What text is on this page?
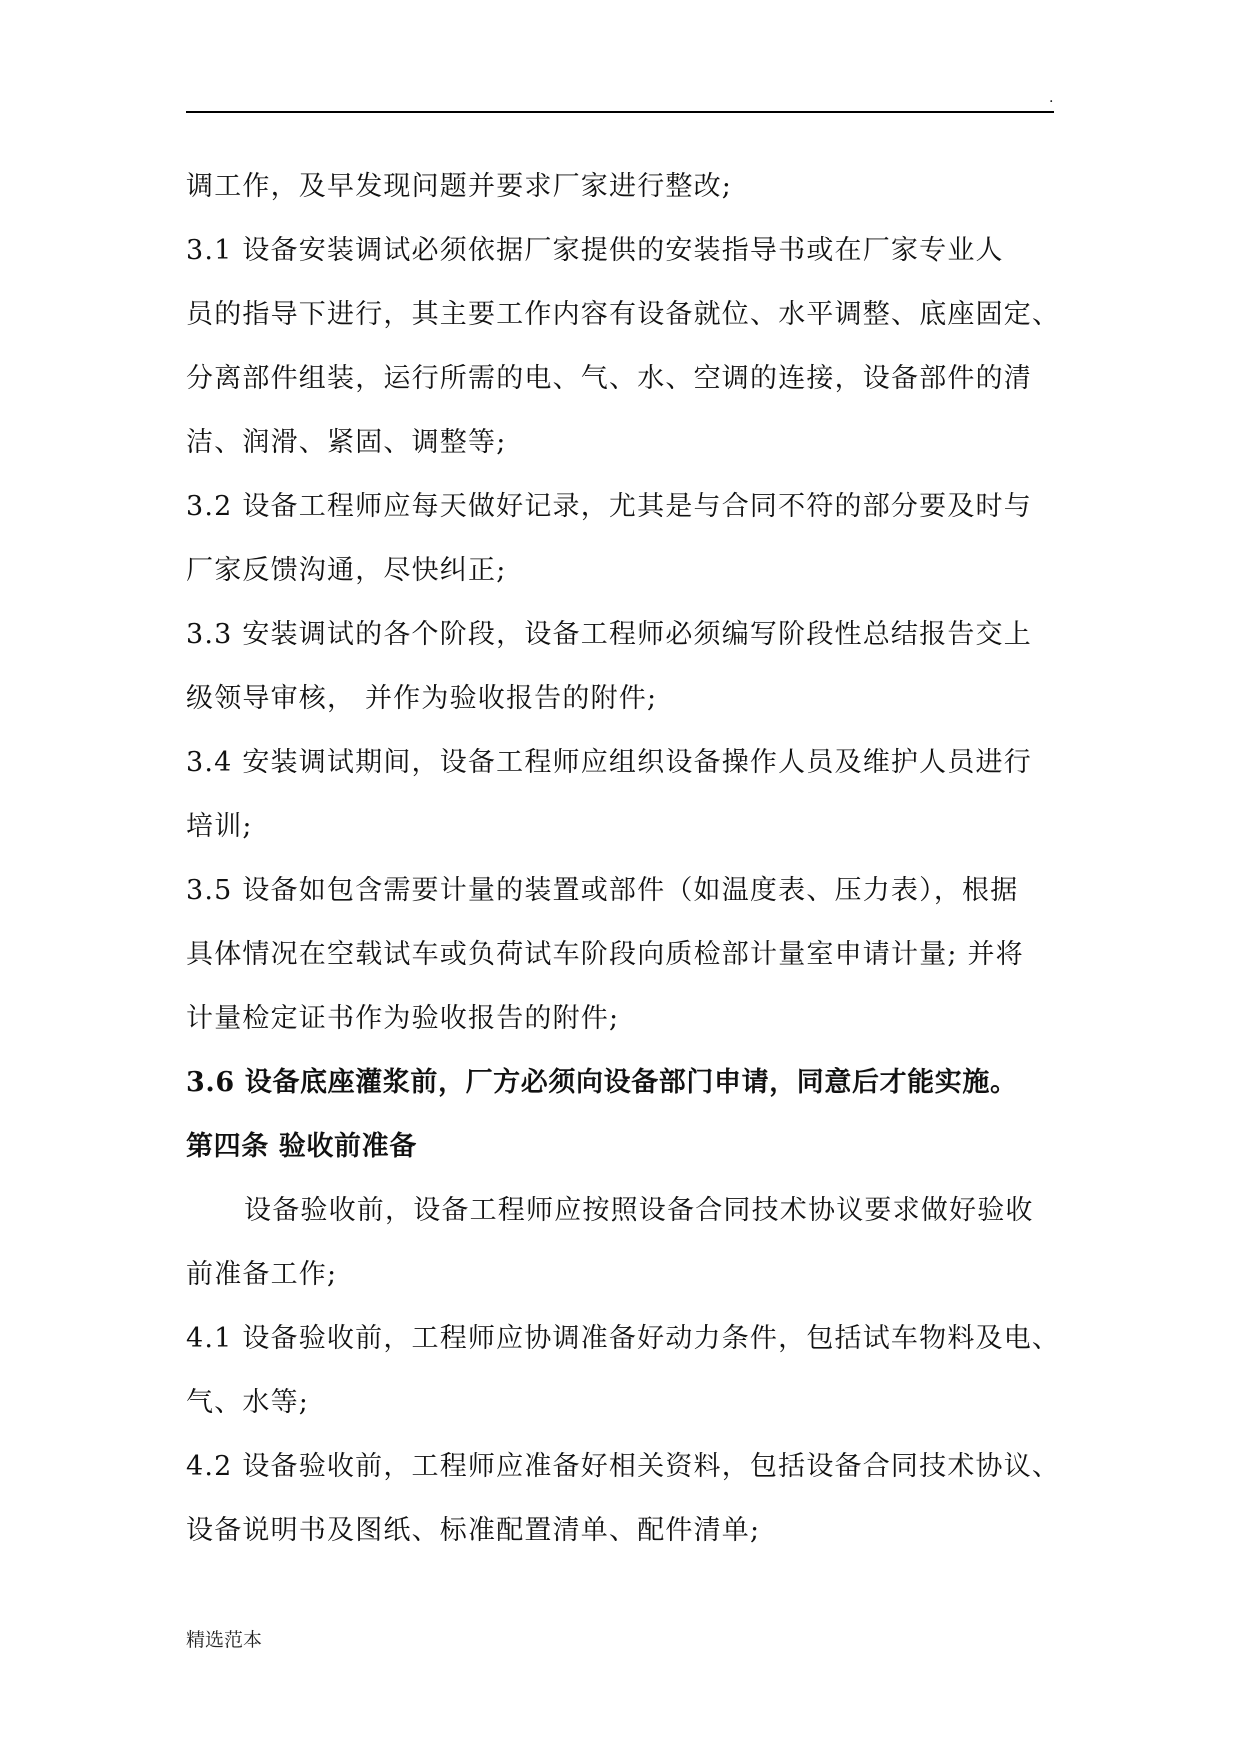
.
调工作，及早发现问题并要求厂家进行整改;
3.1 设备安装调试必须依据厂家提供的安装指导书或在厂家专业人
员的指导下进行，其主要工作内容有设备就位、水平调整、底座固定、
分离部件组装，运行所需的电、气、水、空调的连接，设备部件的清
洁、润滑、紧固、调整等;
3.2 设备工程师应每天做好记录，尤其是与合同不符的部分要及时与
厂家反馈沟通，尽快纠正;
3.3 安装调试的各个阶段，设备工程师必须编写阶段性总结报告交上
级领导审核， 并作为验收报告的附件;
3.4 安装调试期间，设备工程师应组织设备操作人员及维护人员进行
培训;
3.5 设备如包含需要计量的装置或部件（如温度表、压力表），根据
具体情况在空载试车或负荷试车阶段向质检部计量室申请计量; 并将
计量检定证书作为验收报告的附件;
3.6 设备底座灌浆前，厂方必须向设备部门申请，同意后才能实施。
第四条 验收前准备
设备验收前，设备工程师应按照设备合同技术协议要求做好验收
前准备工作;
4.1 设备验收前，工程师应协调准备好动力条件，包括试车物料及电、
气、水等;
4.2 设备验收前，工程师应准备好相关资料，包括设备合同技术协议、
设备说明书及图纸、标准配置清单、配件清单;
精选范本
